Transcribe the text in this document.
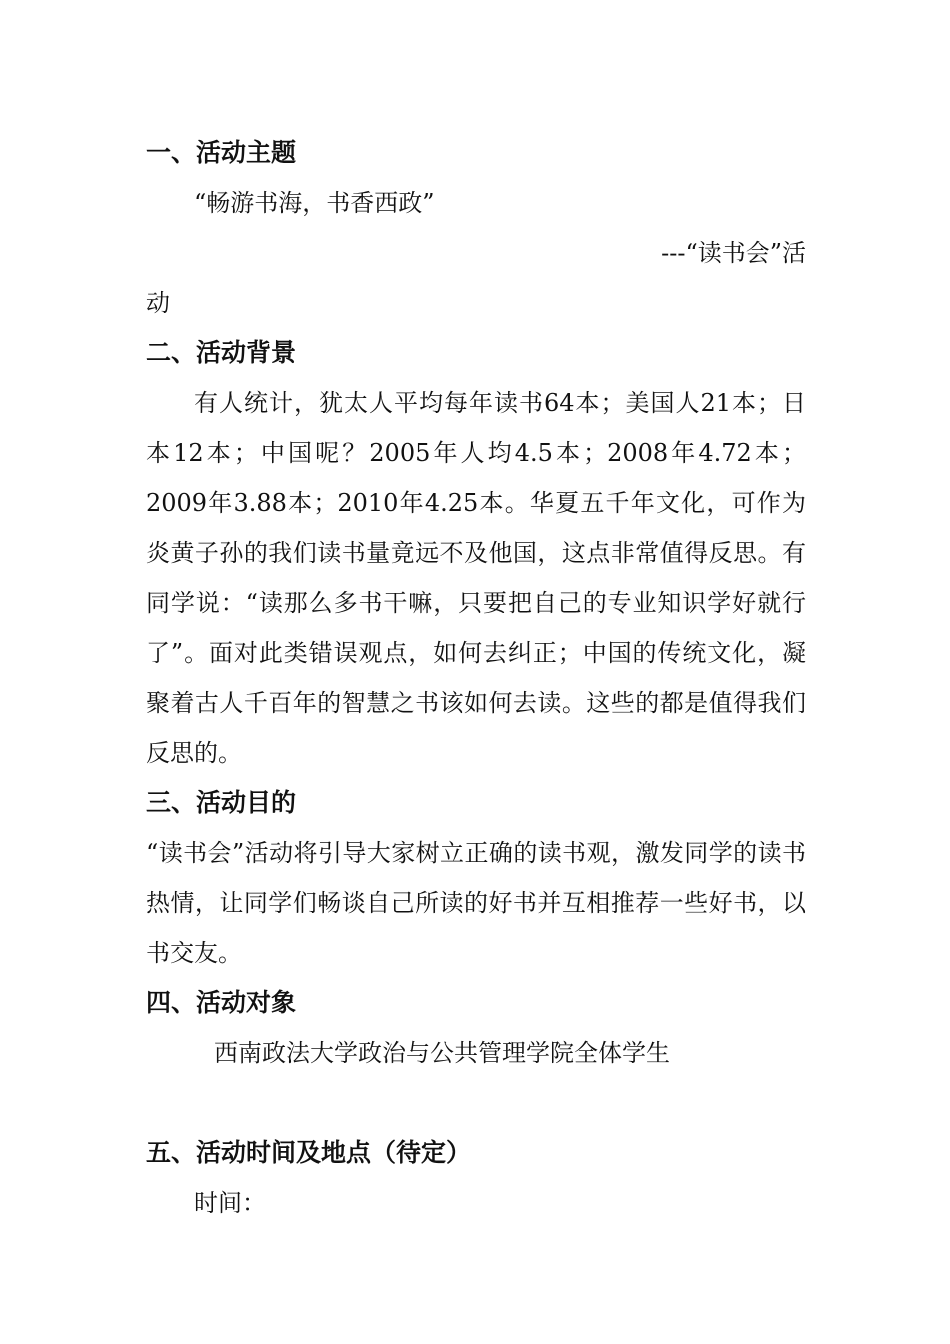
一、活动主题

“畅游书海，书香西政”

---“读书会”活

动

二、活动背景

有人统计，犹太人平均每年读书64本；美国人21本；日本12本；中国呢？2005年人均4.5本；2008年4.72本；2009年3.88本；2010年4.25本。华夏五千年文化，可作为炎黄子孙的我们读书量竟远不及他国，这点非常值得反思。有同学说：“读那么多书干嘛，只要把自己的专业知识学好就行了”。面对此类错误观点，如何去纠正；中国的传统文化，凝聚着古人千百年的智慧之书该如何去读。这些的都是值得我们反思的。

三、活动目的

“读书会”活动将引导大家树立正确的读书观，激发同学的读书热情，让同学们畅谈自己所读的好书并互相推荐一些好书，以书交友。

四、活动对象

西南政法大学政治与公共管理学院全体学生

五、活动时间及地点（待定）

时间：
